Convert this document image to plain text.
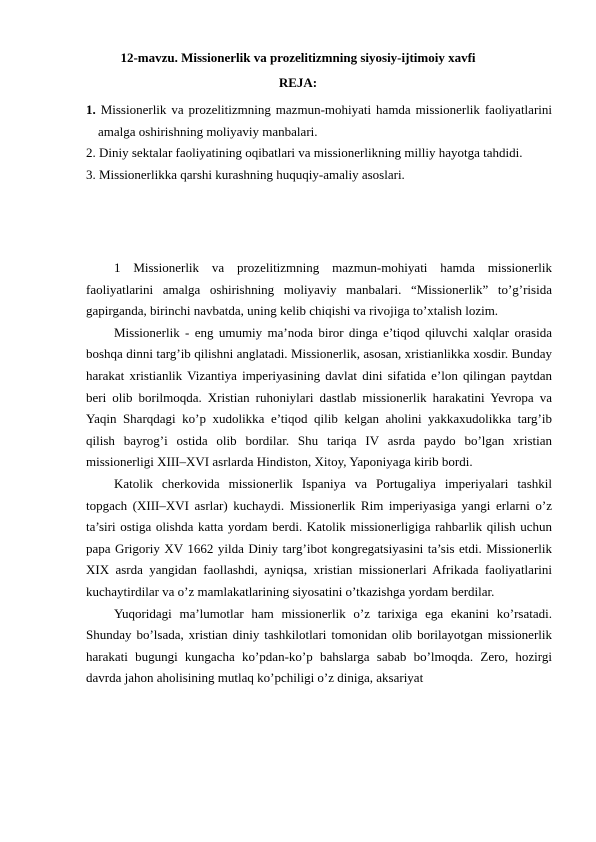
12-mavzu. Missionerlik va prozelitizmning siyosiy-ijtimoiy xavfi
REJA:
1. Missionerlik va prozelitizmning mazmun-mohiyati hamda missionerlik faoliyatlarini amalga oshirishning moliyaviy manbalari.
2. Diniy sektalar faoliyatining oqibatlari va missionerlikning milliy hayotga tahdidi.
3. Missionerlikka qarshi kurashning huquqiy-amaliy asoslari.

1 Missionerlik va prozelitizmning mazmun-mohiyati hamda missionerlik faoliyatlarini amalga oshirishning moliyaviy manbalari. “Missionerlik” to’g’risida gapirganda, birinchi navbatda, uning kelib chiqishi va rivojiga to’xtalish lozim.

Missionerlik - eng umumiy ma’noda biror dinga e’tiqod qiluvchi xalqlar orasida boshqa dinni targ’ib qilishni anglatadi. Missionerlik, asosan, xristianlikka xosdir. Bunday harakat xristianlik Vizantiya imperiyasining davlat dini sifatida e’lon qilingan paytdan beri olib borilmoqda. Xristian ruhoniylari dastlab missionerlik harakatini Yevropa va Yaqin Sharqdagi ko’p xudolikka e’tiqod qilib kelgan aholini yakkaxudolikka targ’ib qilish bayrog’i ostida olib bordilar. Shu tariqa IV asrda paydo bo’lgan xristian missionerligi XIII–XVI asrlarda Hindiston, Xitoy, Yaponiyaga kirib bordi.

Katolik cherkovida missionerlik Ispaniya va Portugaliya imperiyalari tashkil topgach (XIII–XVI asrlar) kuchaydi. Missionerlik Rim imperiyasiga yangi erlarni o’z ta’siri ostiga olishda katta yordam berdi. Katolik missionerligiga rahbarlik qilish uchun papa Grigoriy XV 1662 yilda Diniy targ’ibot kongregatsiyasini ta’sis etdi. Missionerlik XIX asrda yangidan faollashdi, ayniqsa, xristian missionerlari Afrikada faoliyatlarini kuchaytirdilar va o’z mamlakatlarining siyosatini o’tkazishga yordam berdilar.

Yuqoridagi ma’lumotlar ham missionerlik o’z tarixiga ega ekanini ko’rsatadi. Shunday bo’lsada, xristian diniy tashkilotlari tomonidan olib borilayotgan missionerlik harakati bugungi kungacha ko’pdan-ko’p bahslarga sabab bo’lmoqda. Zero, hozirgi davrda jahon aholisining mutlaq ko’pchiligi o’z diniga, aksariyat
